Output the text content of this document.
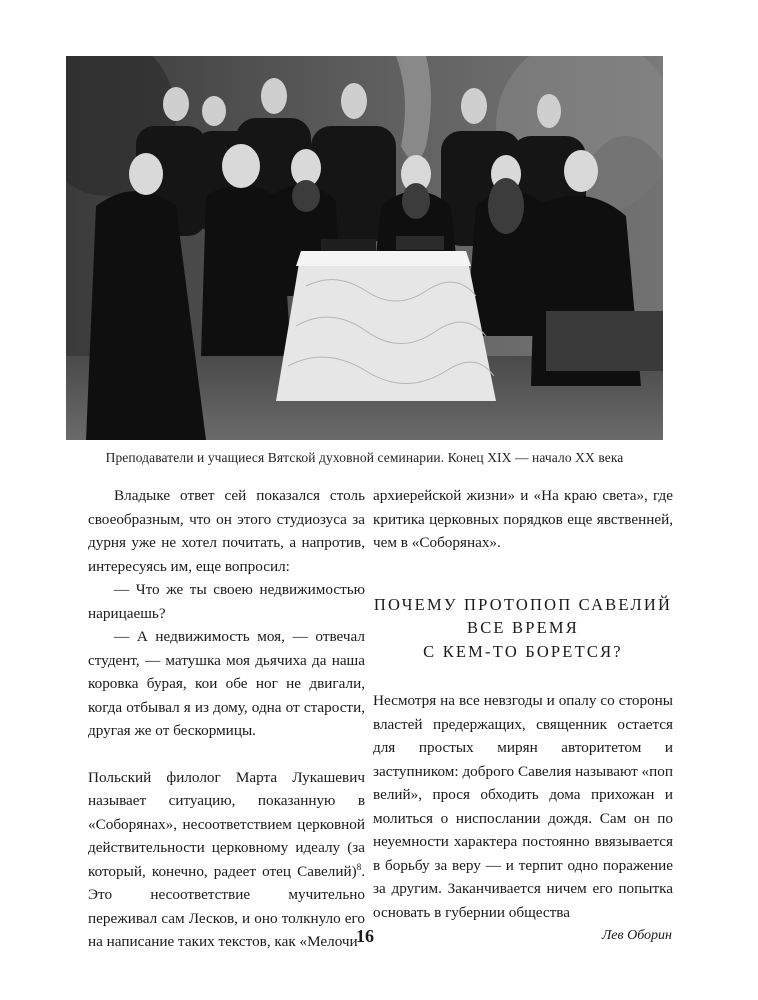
Преподаватели и учащиеся Вятской духовной семинарии. Конец XIX — начало XX века

Владыке ответ сей показался столь своеобразным, что он этого студиозуса за дурня уже не хотел почитать, а напротив, интересуясь им, еще вопросил:

— Что же ты своею недвижимостью нарицаешь?

— А недвижимость моя, — отвечал студент, — матушка моя дьячиха да наша коровка бурая, кои обе ног не двигали, когда отбывал я из дому, одна от старости, другая же от бескормицы.

Польский филолог Марта Лукашевич называет ситуацию, показанную в «Соборянах», несоответствием церковной действительности церковному идеалу (за который, конечно, радеет отец Савелий)$^8$. Это несоответствие мучительно переживал сам Лесков, и оно толкнуло его на написание таких текстов, как «Мелочи

архиерейской жизни» и «На краю света», где критика церковных порядков еще явственней, чем в «Соборянах».

ПОЧЕМУ ПРОТОПОП САВЕЛИЙ
ВСЕ ВРЕМЯ
С КЕМ-ТО БОРЕТСЯ?

Несмотря на все невзгоды и опалу со стороны властей предержащих, священник остается для простых мирян авторитетом и заступником: доброго Савелия называют «поп велий», прося обходить дома прихожан и молиться о ниспослании дождя. Сам он по неуемности характера постоянно ввязывается в борьбу за веру — и терпит одно поражение за другим. Заканчивается ничем его попытка основать в губернии общества

16	Лев Оборин
